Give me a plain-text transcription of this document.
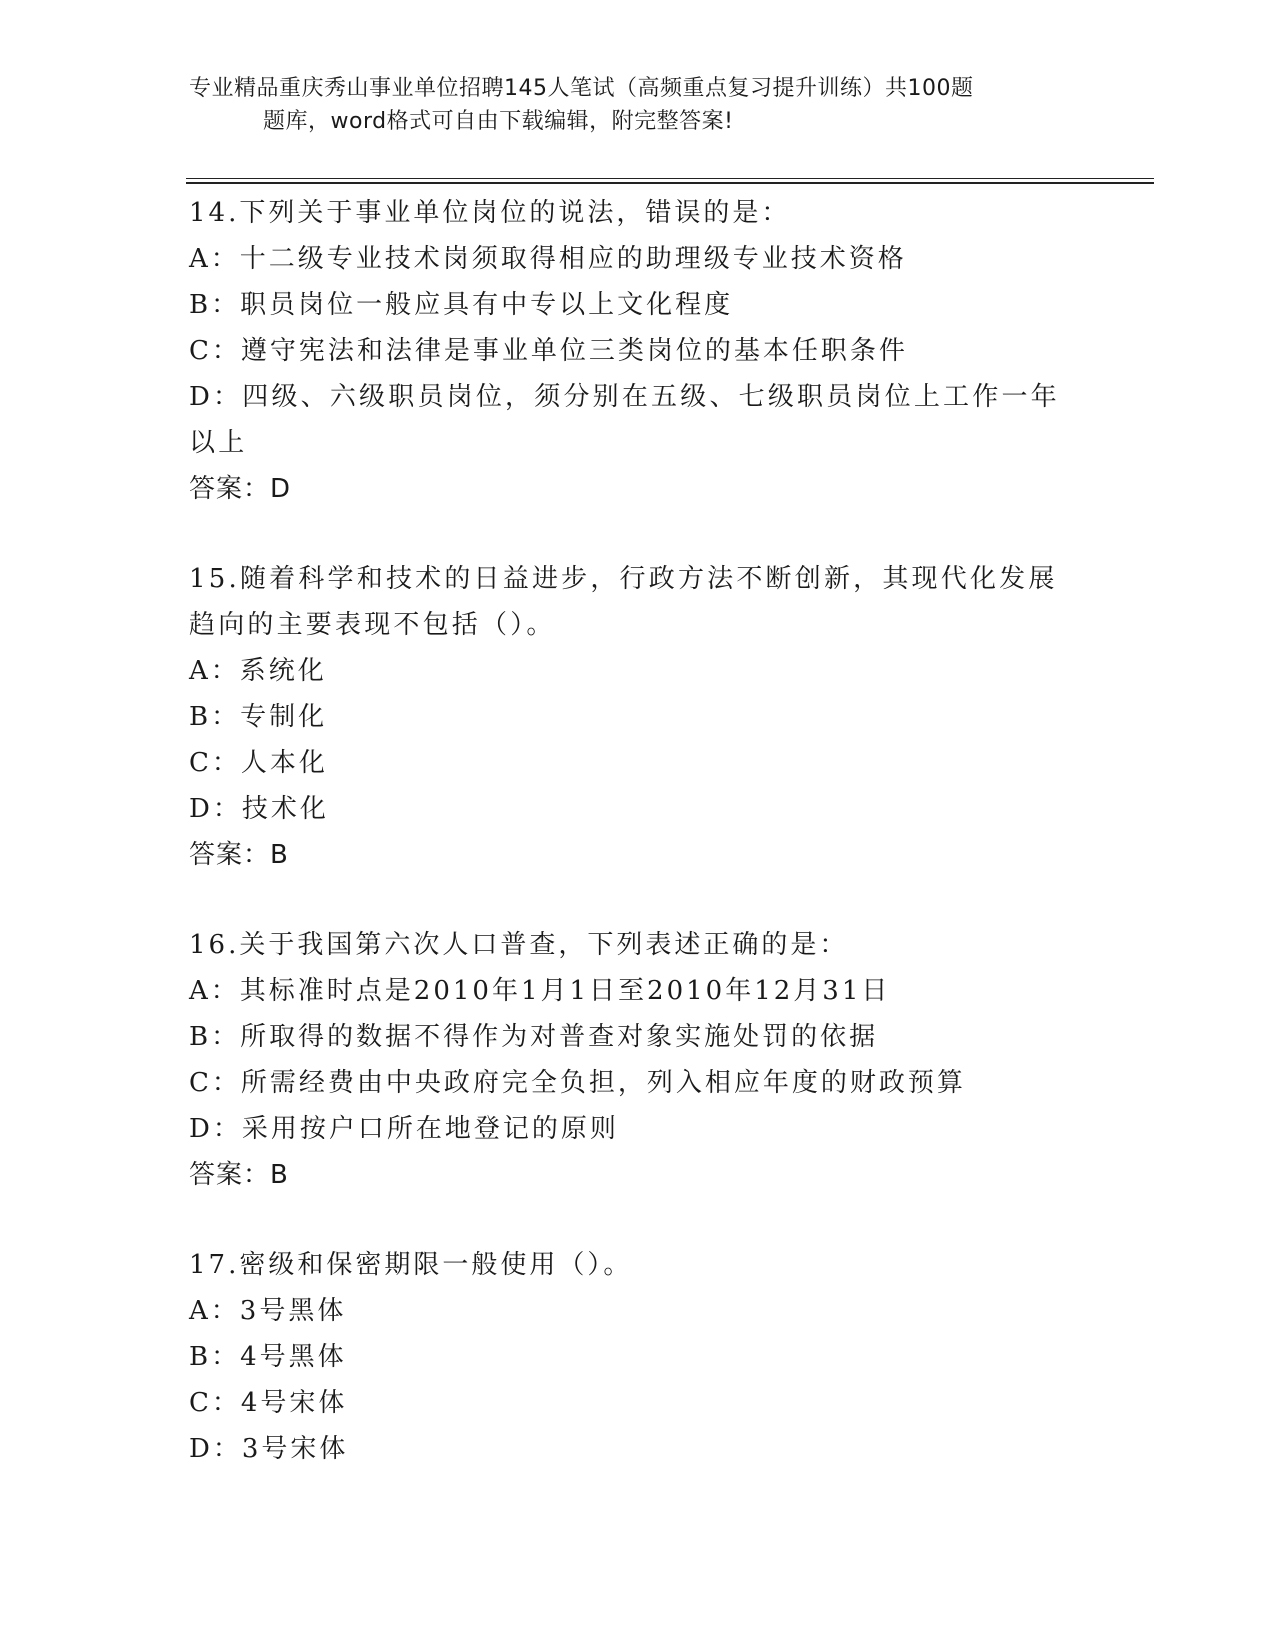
专业精品重庆秀山事业单位招聘145人笔试（高频重点复习提升训练）共100题
题库，word格式可自由下载编辑，附完整答案!

14.下列关于事业单位岗位的说法，错误的是：

A：十二级专业技术岗须取得相应的助理级专业技术资格

B：职员岗位一般应具有中专以上文化程度

C：遵守宪法和法律是事业单位三类岗位的基本任职条件

D：四级、六级职员岗位，须分别在五级、七级职员岗位上工作一年以上

答案：D

15.随着科学和技术的日益进步，行政方法不断创新，其现代化发展趋向的主要表现不包括（）。

A：系统化

B：专制化

C：人本化

D：技术化

答案：B

16.关于我国第六次人口普查，下列表述正确的是：

A：其标准时点是2010年1月1日至2010年12月31日

B：所取得的数据不得作为对普查对象实施处罚的依据

C：所需经费由中央政府完全负担，列入相应年度的财政预算

D：采用按户口所在地登记的原则

答案：B

17.密级和保密期限一般使用（）。

A：3号黑体

B：4号黑体

C：4号宋体

D：3号宋体
